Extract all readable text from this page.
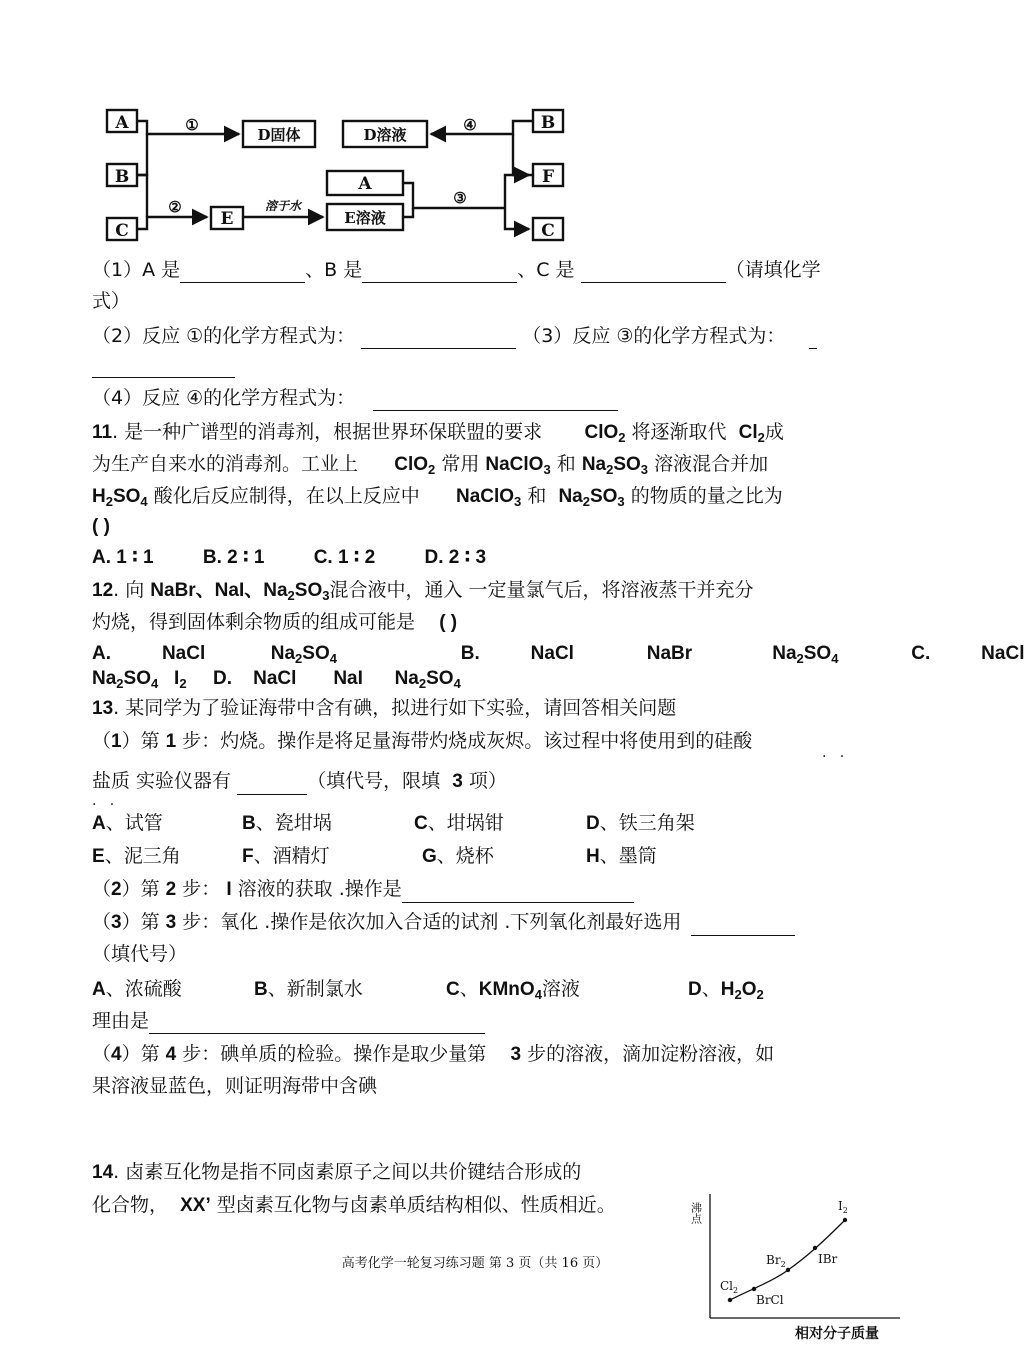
A
B
C
D固体
E
A
E溶液
D溶液
B
F
C
①
②	③
④
溶于水
（1）A 是	、B 是	、C 是	（请填化学
式）
（2）反应 ①的化学方程式为：	（3）反应 ③的化学方程式为：
（4）反应 ④的化学方程式为：
11. 是一种广谱型的消毒剂，根据世界环保联盟的要求 ClO$_2$ 将逐渐取代 $Cl_2$成
为生产自来水的消毒剂。工业上 ClO$_2$ 常用 NaClO$_3$ 和 $Na_2SO_3$ 溶液混合并加
$H_2SO_4$ 酸化后反应制得，在以上反应中 NaClO$_3$ 和 $Na_2SO_3$ 的物质的量之比为
( )
A. 1 ∶ 1	B. 2 ∶ 1	C. 1 ∶ 2	D. 2 ∶ 3
12. 向 NaBr、NaI、$Na_2SO_3$混合液中，通入 一定量氯气后，将溶液蒸干并充分
灼烧，得到固体剩余物质的组成可能是 ( )
A.       NaCl         $Na_2SO_4$	B.       NaCl          NaBr           $Na_2SO_4$	C.       NaCl
$Na_2SO_4$   $I_2$ D.    NaCl       NaI      $Na_2SO_4$
13. 某同学为了验证海带中含有碘，拟进行如下实验，请回答相关问题
（1）第 1 步：灼烧。操作是将足量海带灼烧成灰烬。该过程中将使用到的硅酸
·   ·
盐质 实验仪器有	（填代号，限填 3 项）
·   ·
A、试管	B、瓷坩埚	C、坩埚钳	D、铁三角架
E、泥三角	F、酒精灯	G、烧杯	H、墨筒
（2）第 2 步： I 溶液的获取 .操作是
（3）第 3 步：氧化 .操作是依次加入合适的试剂 .下列氧化剂最好选用
（填代号）
A、浓硫酸	B、新制氯水	C、KMnO$_4$溶液	D、$H_2O_2$
理由是
（4）第 4 步：碘单质的检验。操作是取少量第 3 步的溶液，滴加淀粉溶液，如
果溶液显蓝色，则证明海带中含碘
14. 卤素互化物是指不同卤素原子之间以共价键结合形成的
化合物， XX’ 型卤素互化物与卤素单质结构相似、性质相近。	沸点	$I_2$
IBr
$Br_2$
BrCl
$Cl_2$
相对分子质量
高考化学一轮复习练习题 第 3 页（共 16 页）
